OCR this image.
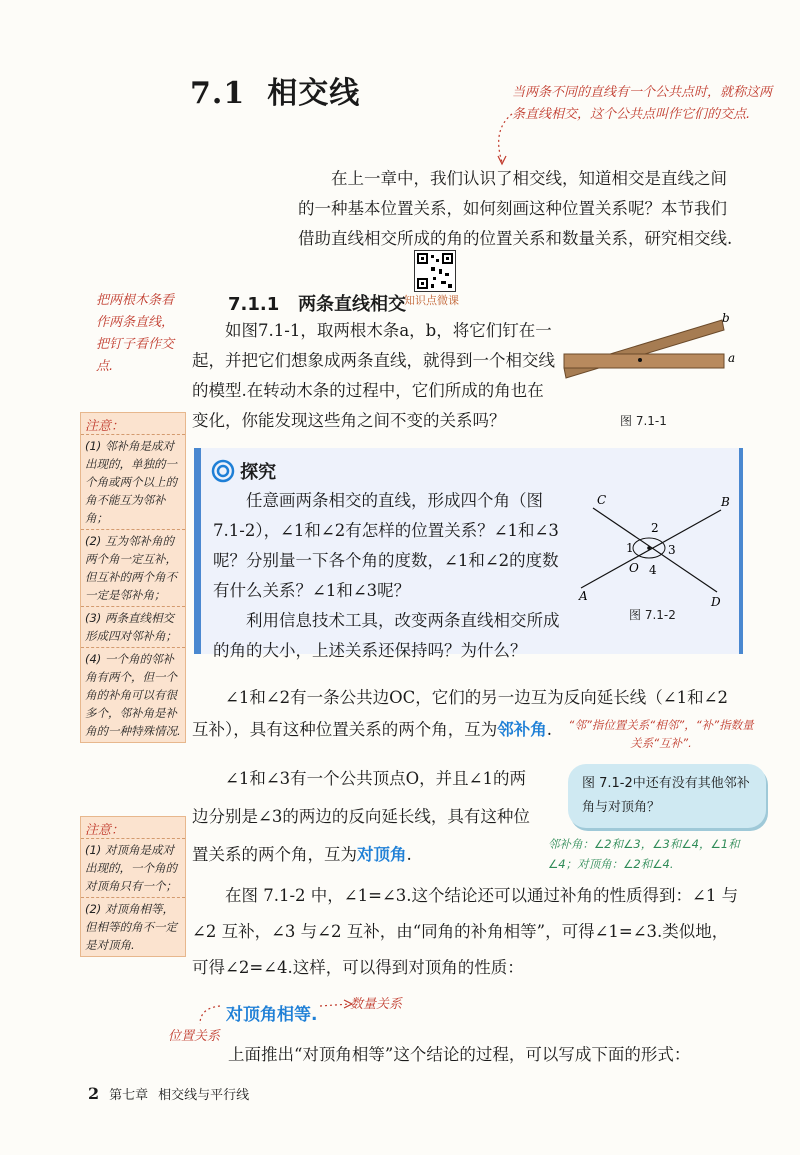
7.1 相交线	当两条不同的直线有一个公共点时，就称这两条直线相交，这个公共点叫作它们的交点.
在上一章中，我们认识了相交线，知道相交是直线之间的一种基本位置关系，如何刻画这种位置关系呢？本节我们借助直线相交所成的角的位置关系和数量关系，研究相交线.
知识点微课
7.1.1 两条直线相交
把两根木条看作两条直线，把钉子看作交点.
如图7.1-1，取两根木条a，b，将它们钉在一起，并把它们想象成两条直线，就得到一个相交线的模型.在转动木条的过程中，它们所成的角也在变化，你能发现这些角之间不变的关系吗？
a
b
图 7.1-1
注意：
(1) 邻补角是成对出现的，单独的一个角或两个以上的角不能互为邻补角；
(2) 互为邻补角的两个角一定互补，但互补的两个角不一定是邻补角；
(3) 两条直线相交形成四对邻补角；
(4) 一个角的邻补角有两个，但一个角的补角可以有很多个，邻补角是补角的一种特殊情况.
探究
任意画两条相交的直线，形成四个角（图 7.1-2），∠1和∠2有怎样的位置关系？∠1和∠3呢？ 分别量一下各个角的度数，∠1和∠2的度数有什么关系？∠1和∠3呢？
利用信息技术工具，改变两条直线相交所成的角的大小，上述关系还保持吗？为什么？
B
C
A	D
O
1
2
3
4
图 7.1-2
∠1和∠2有一条公共边OC，它们的另一边互为反向延长线（∠1和∠2互补），具有这种位置关系的两个角，互为邻补角.	“邻”指位置关系“相邻”，“补”指数量关系“互补”.
∠1和∠3有一个公共顶点O，并且∠1的两边分别是∠3的两边的反向延长线，具有这种位置关系的两个角，互为对顶角.
图 7.1-2中还有没有其他邻补角与对顶角？
邻补角：∠2和∠3，∠3和∠4，∠1和∠4；对顶角：∠2和∠4.
注意：
(1) 对顶角是成对出现的，一个角的对顶角只有一个；
(2) 对顶角相等，但相等的角不一定是对顶角.
在图 7.1-2 中，∠1=∠3.这个结论还可以通过补角的性质得到：∠1 与∠2 互补，∠3 与∠2 互补，由“同角的补角相等”，可得∠1=∠3.类似地，可得∠2=∠4.这样，可以得到对顶角的性质：
对顶角相等.
数量关系
位置关系
上面推出“对顶角相等”这个结论的过程，可以写成下面的形式：
2 第七章 相交线与平行线
